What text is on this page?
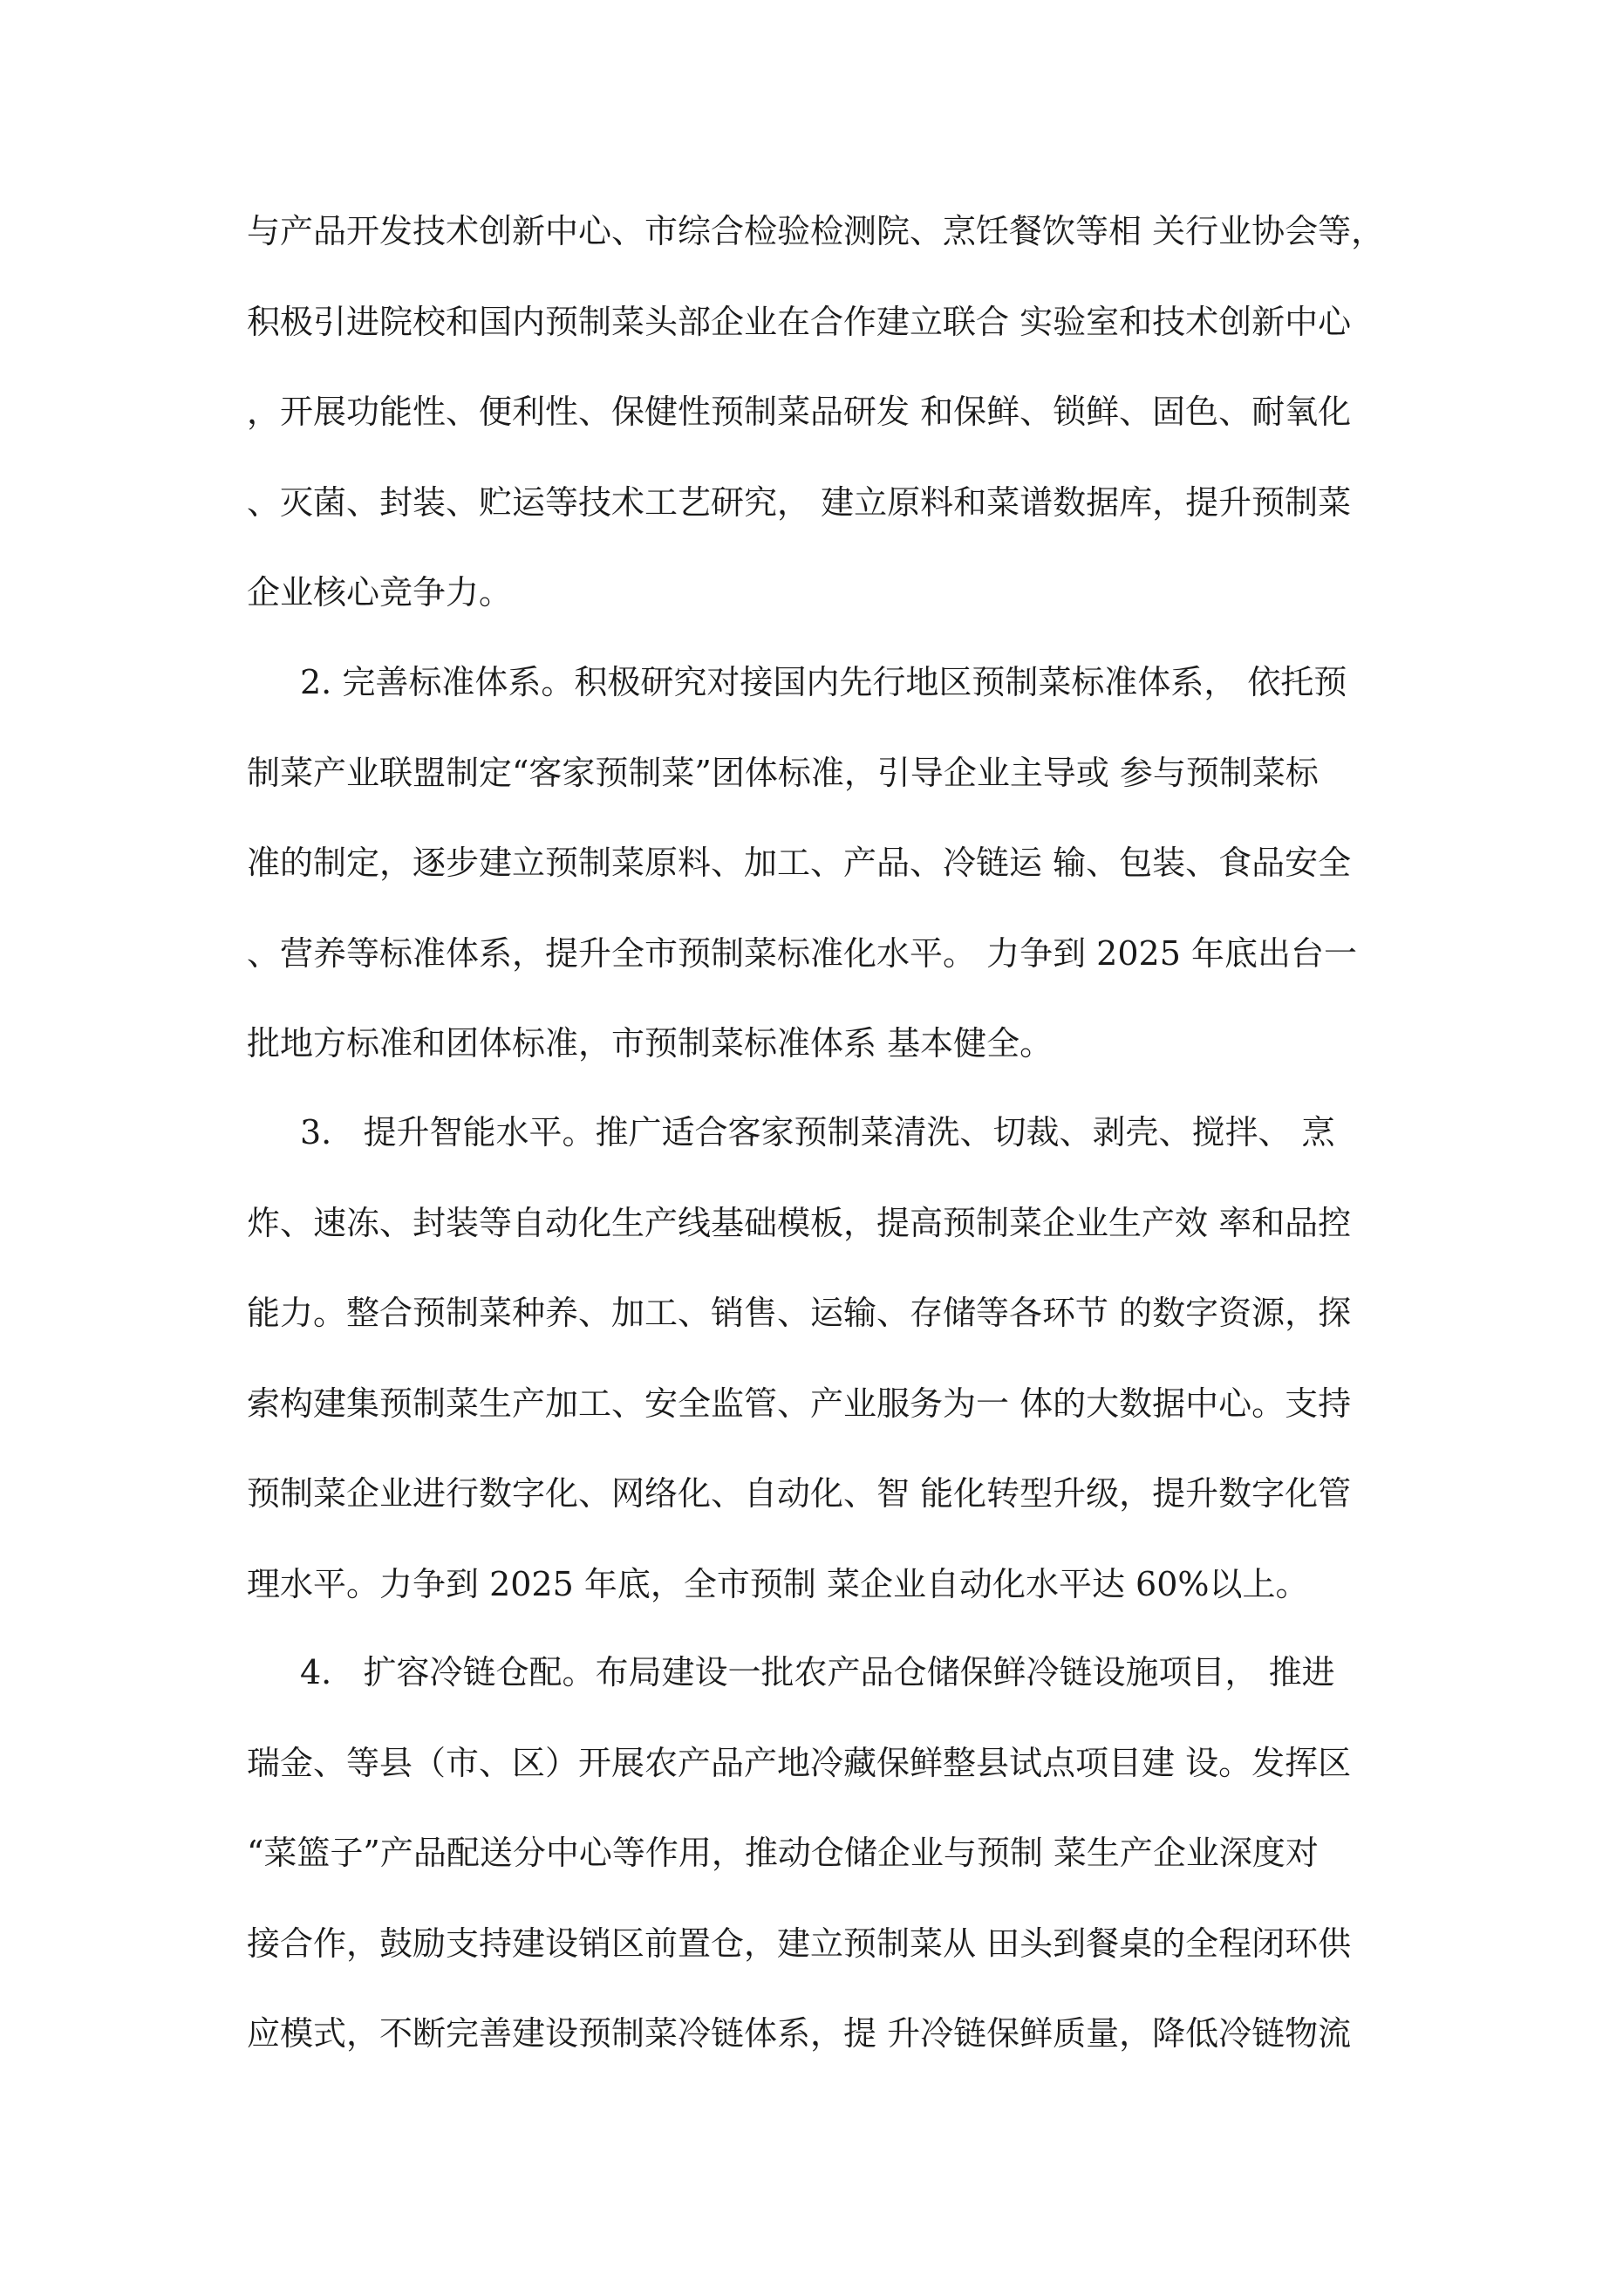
与产品开发技术创新中心、市综合检验检测院、烹饪餐饮等相 关行业协会等，
积极引进院校和国内预制菜头部企业在合作建立联合 实验室和技术创新中心
，开展功能性、便利性、保健性预制菜品研发 和保鲜、锁鲜、固色、耐氧化
、灭菌、封装、贮运等技术工艺研究， 建立原料和菜谱数据库，提升预制菜
企业核心竞争力。
2. 完善标准体系。积极研究对接国内先行地区预制菜标准体系， 依托预
制菜产业联盟制定“客家预制菜”团体标准，引导企业主导或 参与预制菜标
准的制定，逐步建立预制菜原料、加工、产品、冷链运 输、包装、食品安全
、营养等标准体系，提升全市预制菜标准化水平。 力争到 2025 年底出台一
批地方标准和团体标准，市预制菜标准体系 基本健全。
3.   提升智能水平。推广适合客家预制菜清洗、切裁、剥壳、搅拌、 烹
炸、速冻、封装等自动化生产线基础模板，提高预制菜企业生产效 率和品控
能力。整合预制菜种养、加工、销售、运输、存储等各环节 的数字资源，探
索构建集预制菜生产加工、安全监管、产业服务为一 体的大数据中心。支持
预制菜企业进行数字化、网络化、自动化、智 能化转型升级，提升数字化管
理水平。力争到 2025 年底，全市预制 菜企业自动化水平达 60%以上。
4.   扩容冷链仓配。布局建设一批农产品仓储保鲜冷链设施项目， 推进
瑞金、等县（市、区）开展农产品产地冷藏保鲜整县试点项目建 设。发挥区
“菜篮子”产品配送分中心等作用，推动仓储企业与预制 菜生产企业深度对
接合作，鼓励支持建设销区前置仓，建立预制菜从 田头到餐桌的全程闭环供
应模式，不断完善建设预制菜冷链体系，提 升冷链保鲜质量，降低冷链物流
